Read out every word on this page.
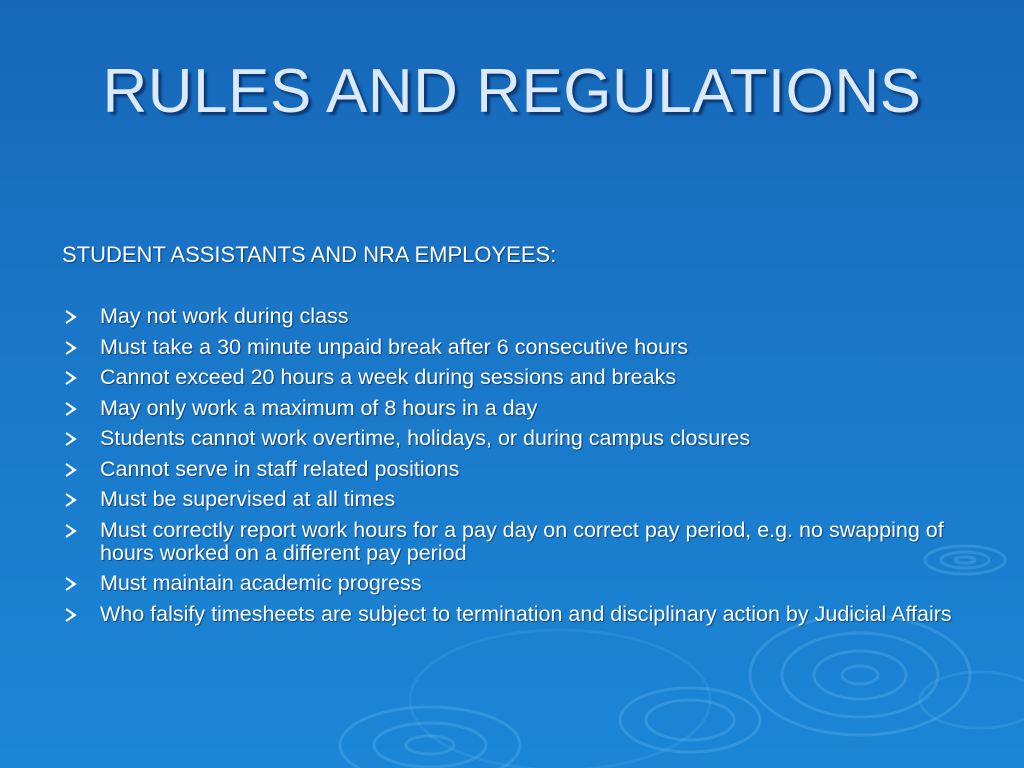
RULES AND REGULATIONS
STUDENT ASSISTANTS AND NRA EMPLOYEES:
May not work during class
Must take a 30 minute unpaid break after 6 consecutive hours
Cannot exceed 20 hours a week during sessions and breaks
May only work a maximum of 8 hours in a day
Students cannot work overtime, holidays, or during campus closures
Cannot serve in staff related positions
Must be supervised at all times
Must correctly report work hours for a pay day on correct pay period, e.g. no swapping of hours worked on a different pay period
Must maintain academic progress
Who falsify timesheets are subject to termination and disciplinary action by Judicial Affairs
